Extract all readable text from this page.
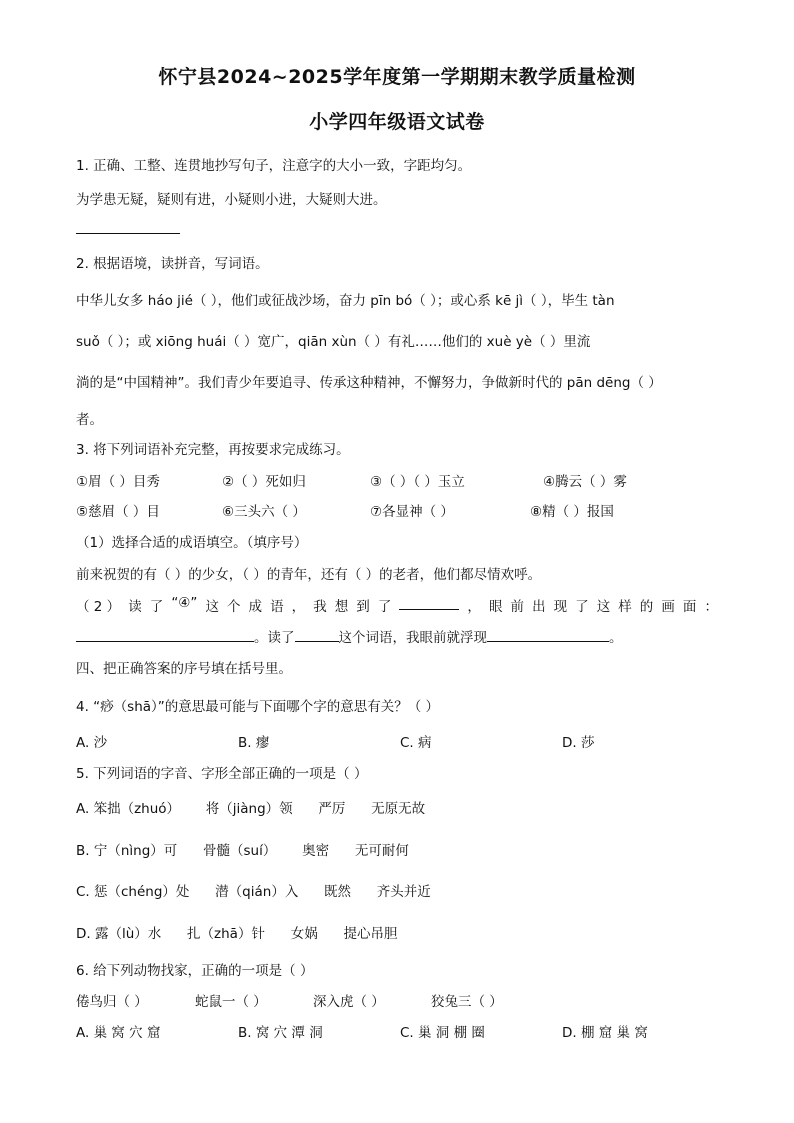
怀宁县2024~2025学年度第一学期期末教学质量检测
小学四年级语文试卷
1. 正确、工整、连贯地抄写句子，注意字的大小一致，字距均匀。
为学患无疑，疑则有进，小疑则小进，大疑则大进。
2. 根据语境，读拼音，写词语。
中华儿女多 háo jié（ ），他们或征战沙场，奋力 pīn bó（ ）；或心系 kē jì（ ），毕生 tàn
suǒ（ ）；或 xiōng huái（ ）宽广，qiān xùn（ ）有礼……他们的 xuè yè（ ）里流
淌的是“中国精神”。我们青少年要追寻、传承这种精神，不懈努力，争做新时代的 pān dēng（ ）
者。
3. 将下列词语补充完整，再按要求完成练习。
①眉（ ）目秀	②（ ）死如归	③（ ）（ ）玉立	④腾云（ ）雾
⑤慈眉（ ）目	⑥三头六（ ）	⑦各显神（ ）	⑧精（ ）报国
（1）选择合适的成语填空。（填序号）
前来祝贺的有（ ）的少女，（ ）的青年，还有（ ）的老者，他们都尽情欢呼。
（ 2 ） 读 了 “④” 这 个 成 语 ， 我 想 到 了	， 眼 前 出 现 了 这 样 的 画 面 ：
。读了	这个词语，我眼前就浮现	。
四、把正确答案的序号填在括号里。
4. “痧（shā）”的意思最可能与下面哪个字的意思有关？（ ）
A. 沙	B. 瘳	C. 病	D. 莎
5. 下列词语的字音、字形全部正确的一项是（ ）
A. 笨拙（zhuó）      将（jiàng）领      严厉      无原无故
B. 宁（nìng）可      骨髓（suí）      奥密      无可耐何
C. 惩（chéng）处      潜（qián）入      既然      齐头并近
D. 露（lù）水      扎（zhā）针      女娲      提心吊胆
6. 给下列动物找家，正确的一项是（ ）
倦鸟归（ ）	蛇鼠一（ ）	深入虎（ ）	狡兔三（ ）
A. 巢 窝 穴 窟	B. 窝 穴 潭 洞	C. 巢 洞 棚 圈	D. 棚 窟 巢 窝
